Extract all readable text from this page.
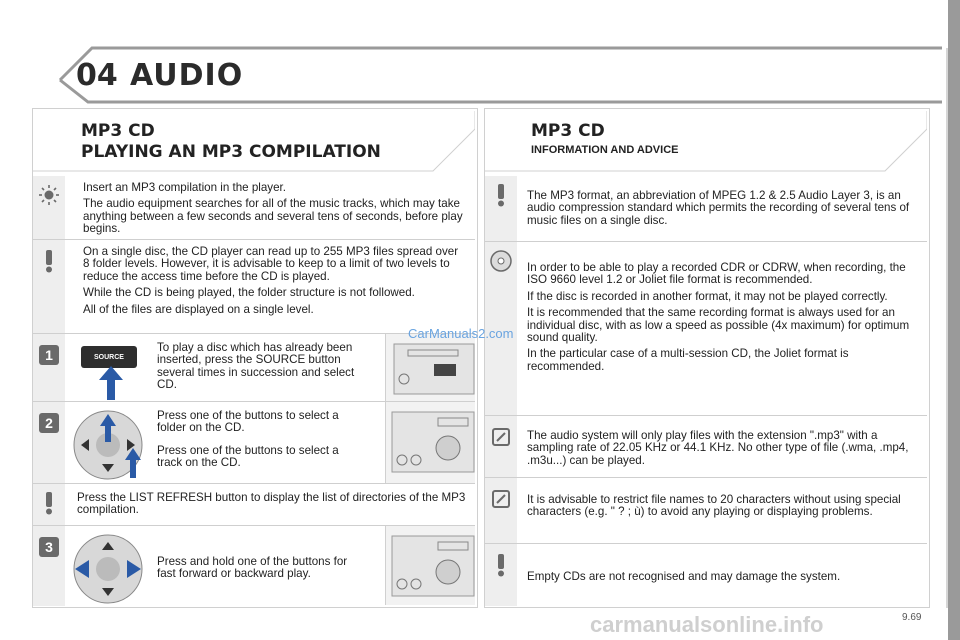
04 AUDIO
MP3 CD
PLAYING AN MP3 COMPILATION

Insert an MP3 compilation in the player.

The audio equipment searches for all of the music tracks, which may take anything between a few seconds and several tens of seconds, before play begins.

On a single disc, the CD player can read up to 255 MP3 files spread over 8 folder levels. However, it is advisable to keep to a limit of two levels to reduce the access time before the CD is played.

While the CD is being played, the folder structure is not followed.

All of the files are displayed on a single level.

1	SOURCE

To play a disc which has already been inserted, press the SOURCE button several times in succession and select CD.

2	Press one of the buttons to select a folder on the CD.

Press one of the buttons to select a track on the CD.

Press the LIST REFRESH button to display the list of directories of the MP3 compilation.

3

Press and hold one of the buttons for fast forward or backward play.

MP3 CD
INFORMATION AND ADVICE

The MP3 format, an abbreviation of MPEG 1.2 & 2.5 Audio Layer 3, is an audio compression standard which permits the recording of several tens of music files on a single disc.

In order to be able to play a recorded CDR or CDRW, when recording, the ISO 9660 level 1.2 or Joliet file format is recommended.

If the disc is recorded in another format, it may not be played correctly.

It is recommended that the same recording format is always used for an individual disc, with as low a speed as possible (4x maximum) for optimum sound quality.

In the particular case of a multi-session CD, the Joliet format is recommended.

The audio system will only play files with the extension ".mp3" with a sampling rate of 22.05 KHz or 44.1 KHz. No other type of file (.wma, .mp4, .m3u...) can be played.

It is advisable to restrict file names to 20 characters without using special characters (e.g. " ? ; ù) to avoid any playing or displaying problems.

Empty CDs are not recognised and may damage the system.

CarManuals2.com
9.69
carmanualsonline.info
